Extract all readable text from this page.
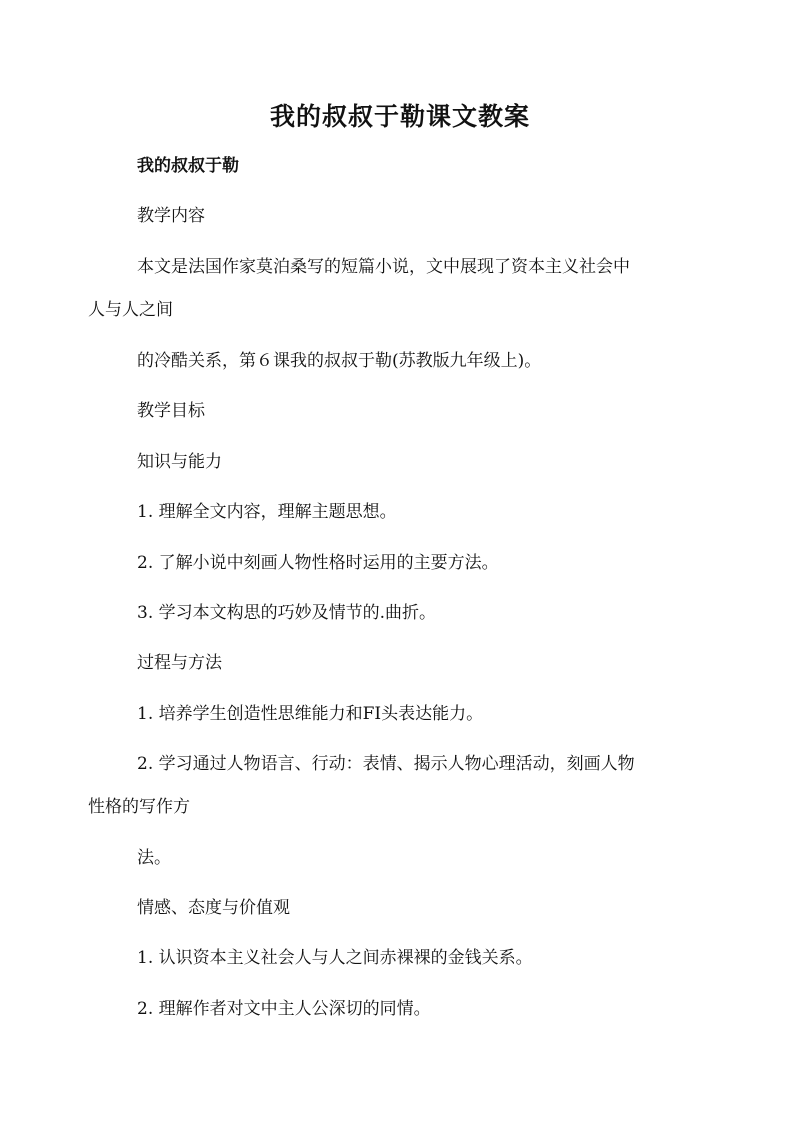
我的叔叔于勒课文教案
我的叔叔于勒
教学内容
本文是法国作家莫泊桑写的短篇小说，文中展现了资本主义社会中
人与人之间
的冷酷关系，第６课我的叔叔于勒(苏教版九年级上)。
教学目标
知识与能力
1. 理解全文内容，理解主题思想。
2. 了解小说中刻画人物性格时运用的主要方法。
3. 学习本文构思的巧妙及情节的.曲折。
过程与方法
1. 培养学生创造性思维能力和FI头表达能力。
2. 学习通过人物语言、行动：表情、揭示人物心理活动，刻画人物
性格的写作方
法。
情感、态度与价值观
1. 认识资本主义社会人与人之间赤裸裸的金钱关系。
2. 理解作者对文中主人公深切的同情。
